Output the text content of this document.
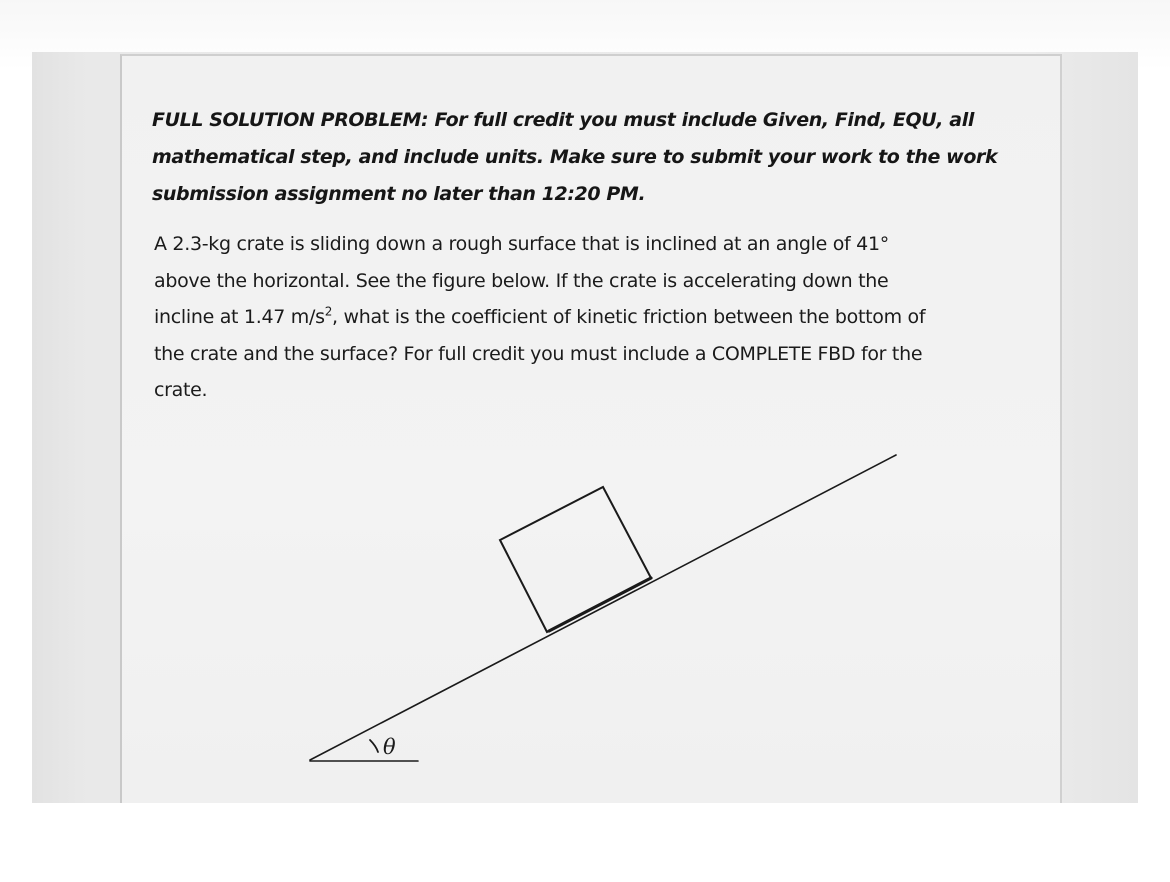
FULL SOLUTION PROBLEM: For full credit you must include Given, Find, EQU, all
mathematical step, and include units. Make sure to submit your work to the work
submission assignment no later than 12:20 PM.

A 2.3-kg crate is sliding down a rough surface that is inclined at an angle of 41°
above the horizontal. See the figure below. If the crate is accelerating down the
incline at 1.47 $m/s^2$, what is the coefficient of kinetic friction between the bottom of
the crate and the surface? For full credit you must include a COMPLETE FBD for the
crate.

θ
